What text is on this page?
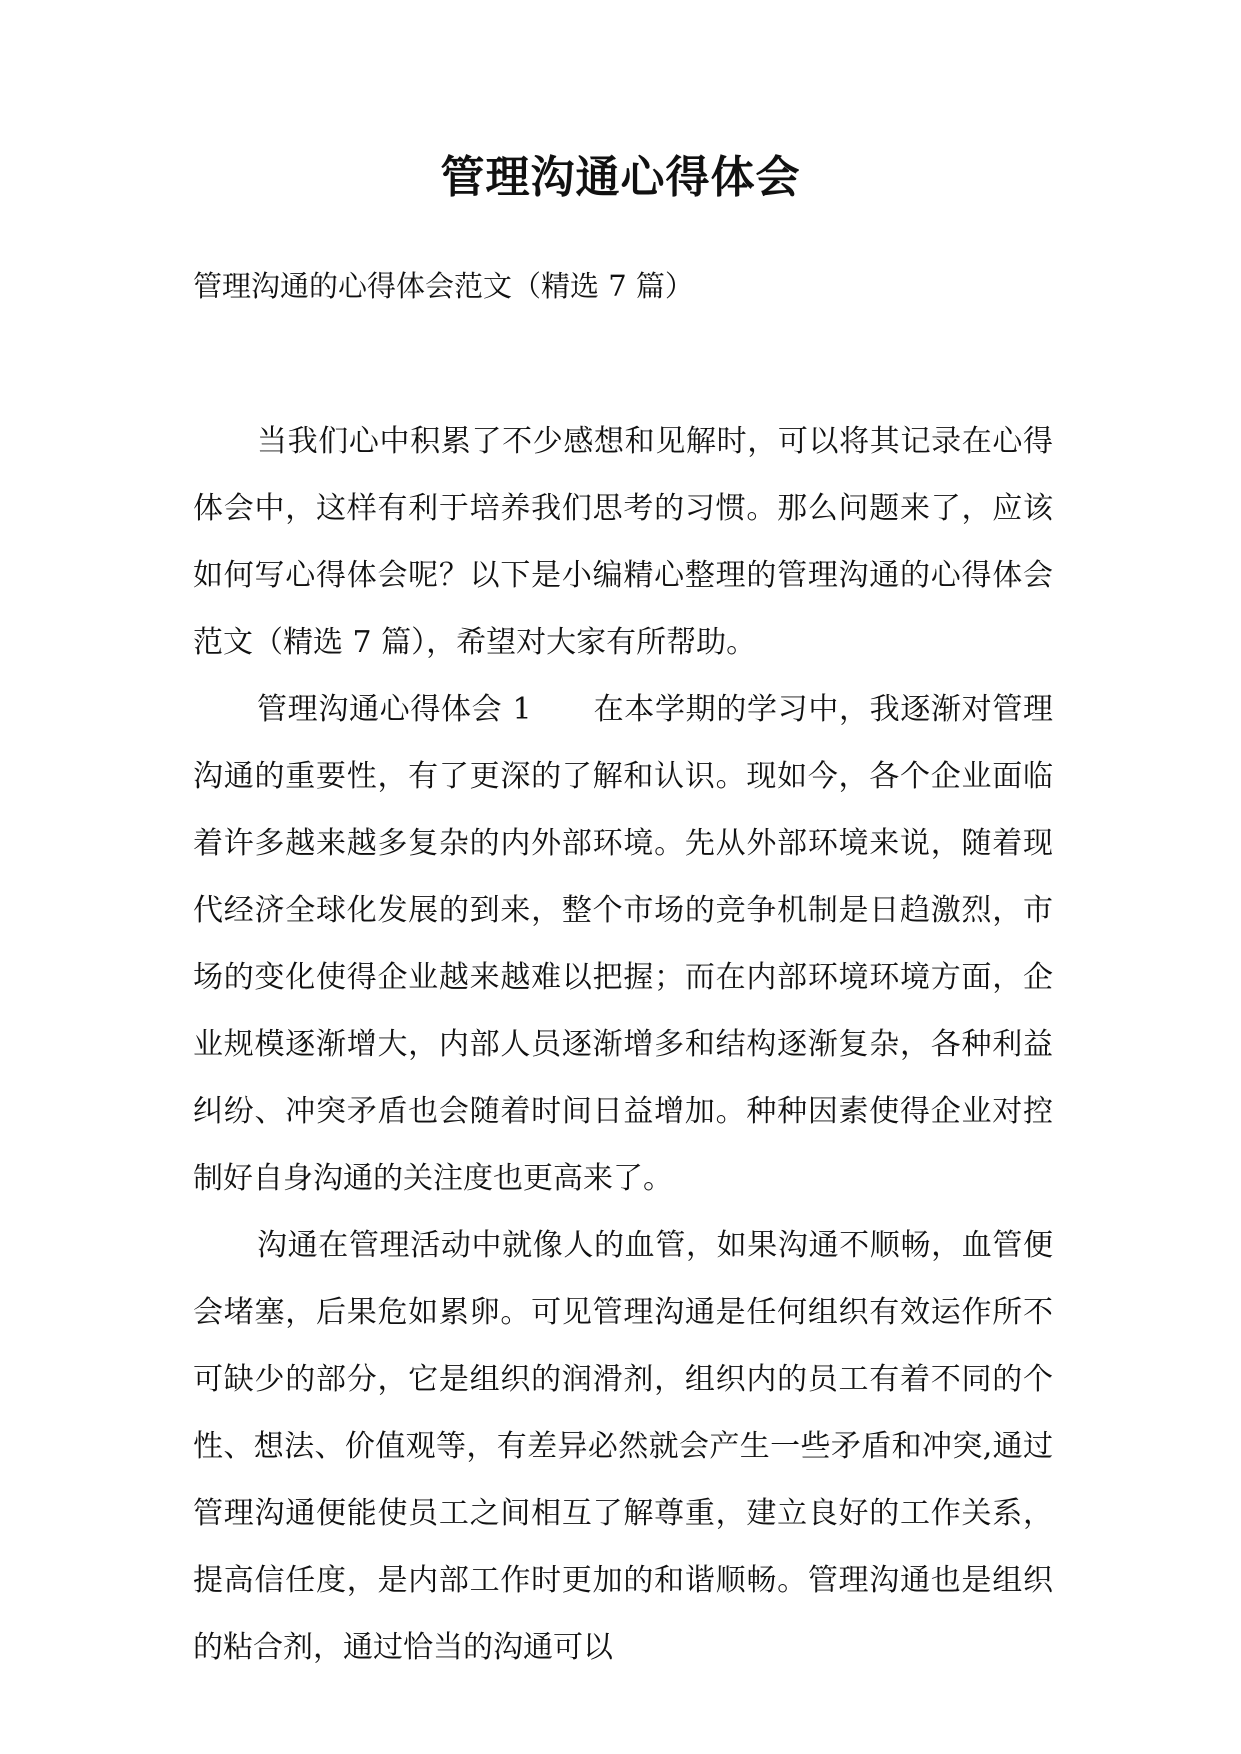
管理沟通心得体会
管理沟通的心得体会范文（精选 7 篇）

当我们心中积累了不少感想和见解时，可以将其记录在心得体会中，这样有利于培养我们思考的习惯。那么问题来了，应该如何写心得体会呢？以下是小编精心整理的管理沟通的心得体会范文（精选 7 篇），希望对大家有所帮助。

管理沟通心得体会 1　　在本学期的学习中，我逐渐对管理沟通的重要性，有了更深的了解和认识。现如今，各个企业面临着许多越来越多复杂的内外部环境。先从外部环境来说，随着现代经济全球化发展的到来，整个市场的竞争机制是日趋激烈，市场的变化使得企业越来越难以把握；而在内部环境环境方面，企业规模逐渐增大，内部人员逐渐增多和结构逐渐复杂，各种利益纠纷、冲突矛盾也会随着时间日益增加。种种因素使得企业对控制好自身沟通的关注度也更高来了。

沟通在管理活动中就像人的血管，如果沟通不顺畅，血管便会堵塞，后果危如累卵。可见管理沟通是任何组织有效运作所不可缺少的部分，它是组织的润滑剂，组织内的员工有着不同的个性、想法、价值观等，有差异必然就会产生一些矛盾和冲突,通过管理沟通便能使员工之间相互了解尊重，建立良好的工作关系，提高信任度，是内部工作时更加的和谐顺畅。管理沟通也是组织的粘合剂，通过恰当的沟通可以
